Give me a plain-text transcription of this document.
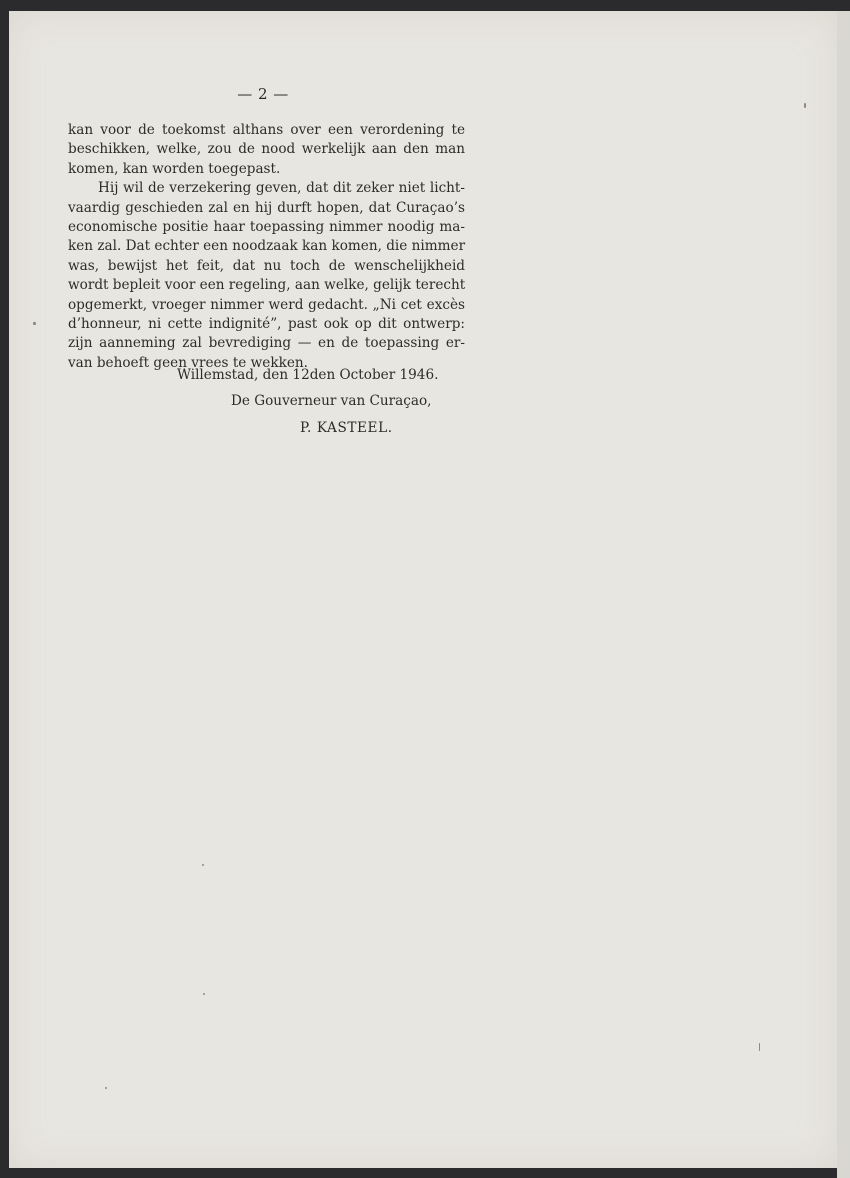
— 2 —
kan voor de toekomst althans over een verordening te
beschikken, welke, zou de nood werkelijk aan den man
komen, kan worden toegepast.
Hij wil de verzekering geven, dat dit zeker niet licht-
vaardig geschieden zal en hij durft hopen, dat Curaçao’s
economische positie haar toepassing nimmer noodig ma-
ken zal. Dat echter een noodzaak kan komen, die nimmer
was, bewijst het feit, dat nu toch de wenschelijkheid
wordt bepleit voor een regeling, aan welke, gelijk terecht
opgemerkt, vroeger nimmer werd gedacht. „Ni cet excès
d’honneur, ni cette indignité”, past ook op dit ontwerp:
zijn aanneming zal bevrediging — en de toepassing er-
van behoeft geen vrees te wekken.
Willemstad, den 12den October 1946.
De Gouverneur van Curaçao,
P. KASTEEL.
